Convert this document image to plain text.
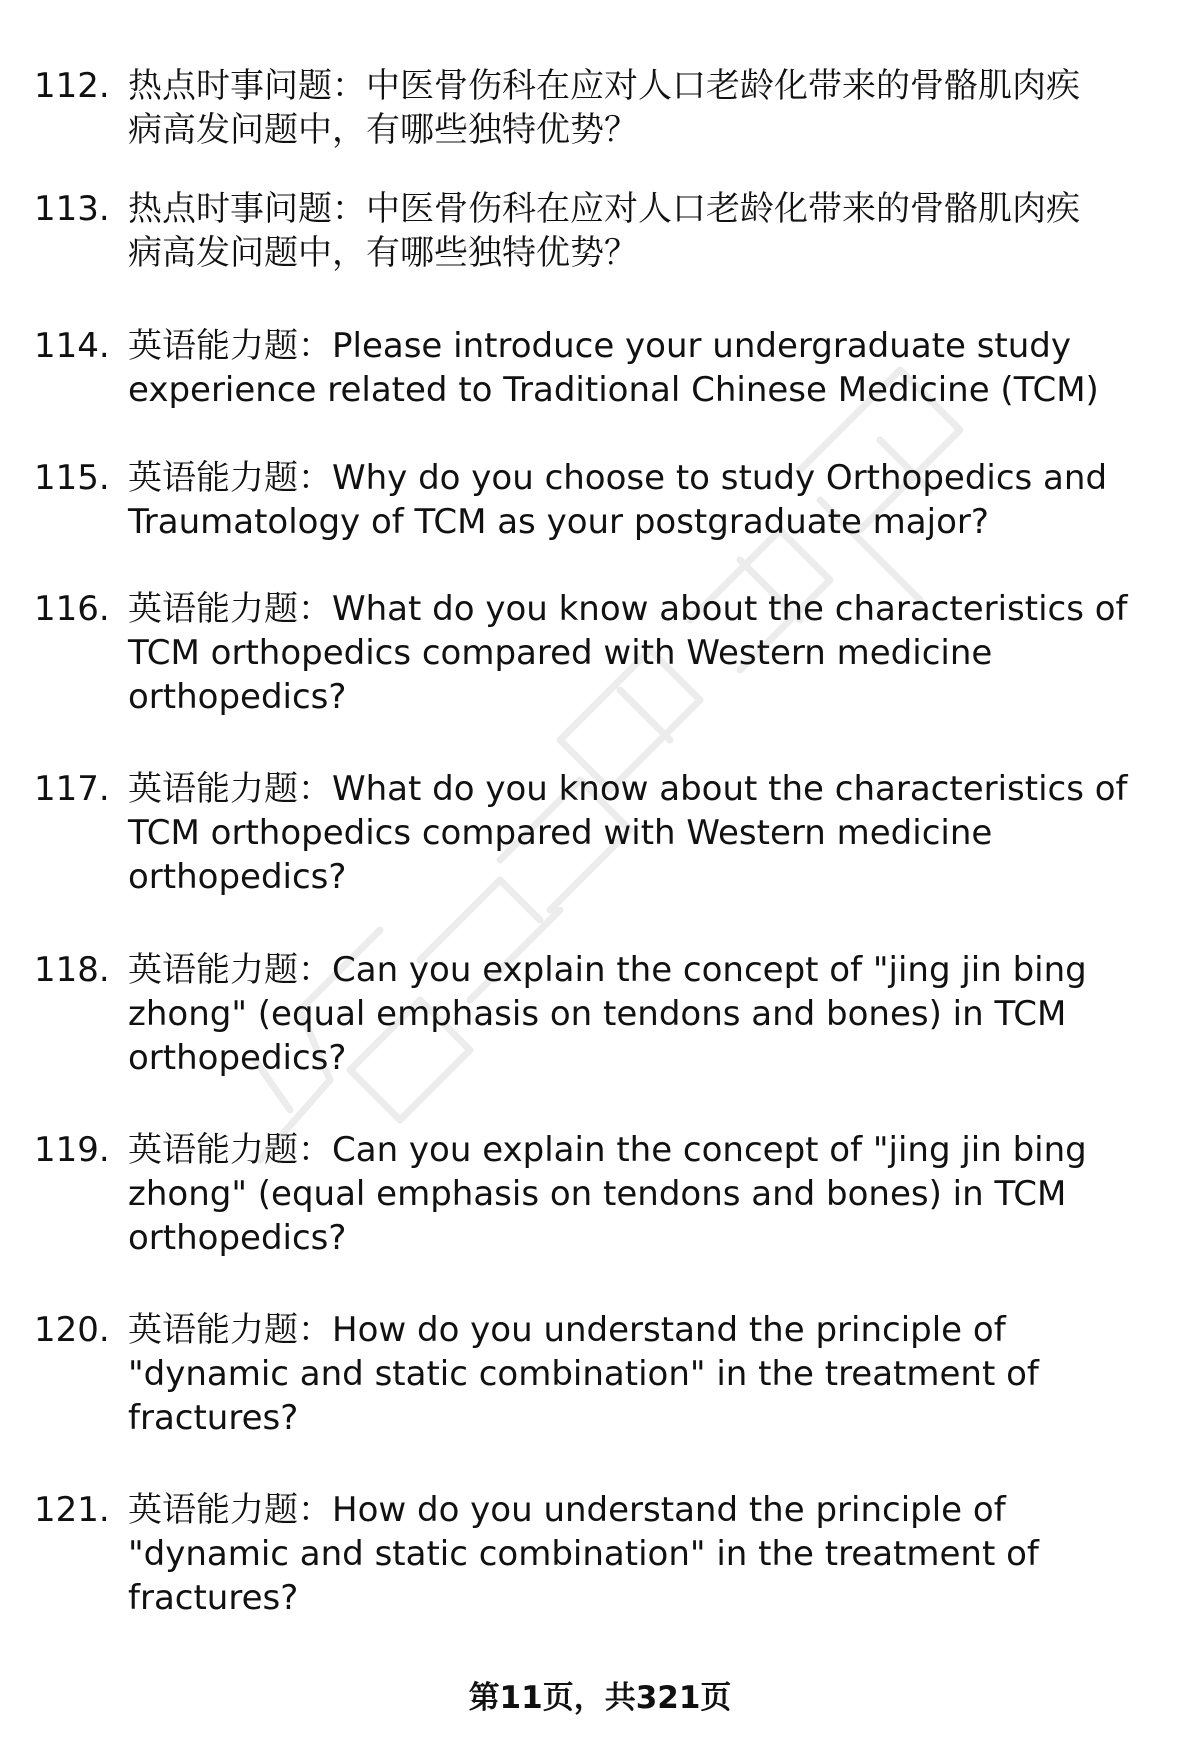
112. 热点时事问题：中医骨伤科在应对人口老龄化带来的骨骼肌肉疾
病高发问题中，有哪些独特优势？
113. 热点时事问题：中医骨伤科在应对人口老龄化带来的骨骼肌肉疾
病高发问题中，有哪些独特优势？
114. 英语能力题：Please introduce your undergraduate study
experience related to Traditional Chinese Medicine (TCM)
115. 英语能力题：Why do you choose to study Orthopedics and
Traumatology of TCM as your postgraduate major?
116. 英语能力题：What do you know about the characteristics of
TCM orthopedics compared with Western medicine
orthopedics?
117. 英语能力题：What do you know about the characteristics of
TCM orthopedics compared with Western medicine
orthopedics?
118. 英语能力题：Can you explain the concept of "jing jin bing
zhong" (equal emphasis on tendons and bones) in TCM
orthopedics?
119. 英语能力题：Can you explain the concept of "jing jin bing
zhong" (equal emphasis on tendons and bones) in TCM
orthopedics?
120. 英语能力题：How do you understand the principle of
"dynamic and static combination" in the treatment of
fractures?
121. 英语能力题：How do you understand the principle of
"dynamic and static combination" in the treatment of
fractures?
第11页，共321页
